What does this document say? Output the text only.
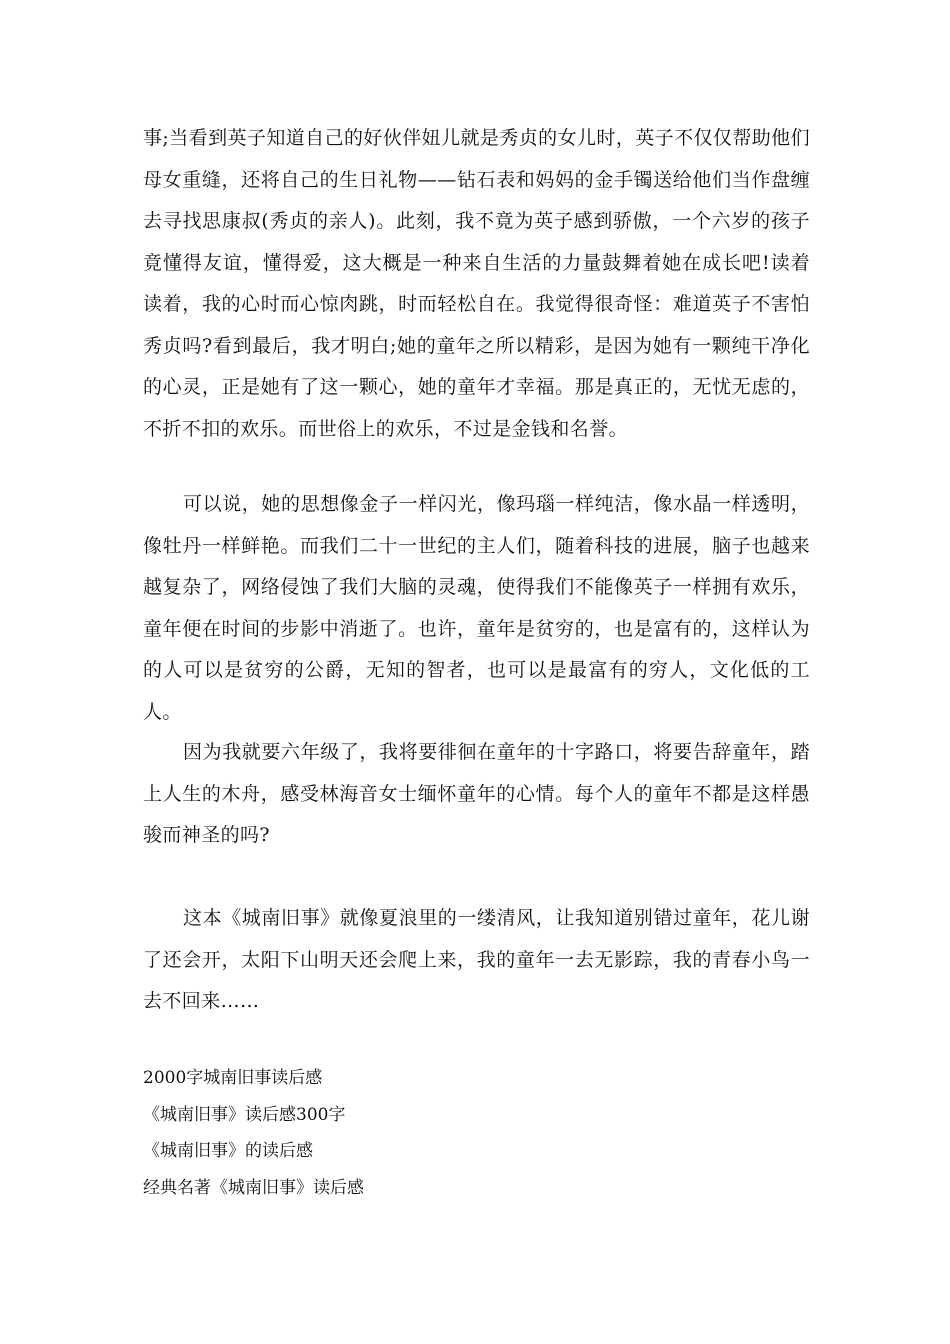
事;当看到英子知道自己的好伙伴妞儿就是秀贞的女儿时，英子不仅仅帮助他们母女重缝，还将自己的生日礼物——钻石表和妈妈的金手镯送给他们当作盘缠去寻找思康叔(秀贞的亲人)。此刻，我不竟为英子感到骄傲，一个六岁的孩子竟懂得友谊，懂得爱，这大概是一种来自生活的力量鼓舞着她在成长吧!读着读着，我的心时而心惊肉跳，时而轻松自在。我觉得很奇怪：难道英子不害怕秀贞吗?看到最后，我才明白;她的童年之所以精彩，是因为她有一颗纯干净化的心灵，正是她有了这一颗心，她的童年才幸福。那是真正的，无忧无虑的，不折不扣的欢乐。而世俗上的欢乐，不过是金钱和名誉。

可以说，她的思想像金子一样闪光，像玛瑙一样纯洁，像水晶一样透明，像牡丹一样鲜艳。而我们二十一世纪的主人们，随着科技的进展，脑子也越来越复杂了，网络侵蚀了我们大脑的灵魂，使得我们不能像英子一样拥有欢乐，童年便在时间的步影中消逝了。也许，童年是贫穷的，也是富有的，这样认为的人可以是贫穷的公爵，无知的智者，也可以是最富有的穷人，文化低的工人。

因为我就要六年级了，我将要徘徊在童年的十字路口，将要告辞童年，踏上人生的木舟，感受林海音女士缅怀童年的心情。每个人的童年不都是这样愚骏而神圣的吗?

这本《城南旧事》就像夏浪里的一缕清风，让我知道别错过童年，花儿谢了还会开，太阳下山明天还会爬上来，我的童年一去无影踪，我的青春小鸟一去不回来……

2000字城南旧事读后感
《城南旧事》读后感300字
《城南旧事》的读后感
经典名著《城南旧事》读后感
